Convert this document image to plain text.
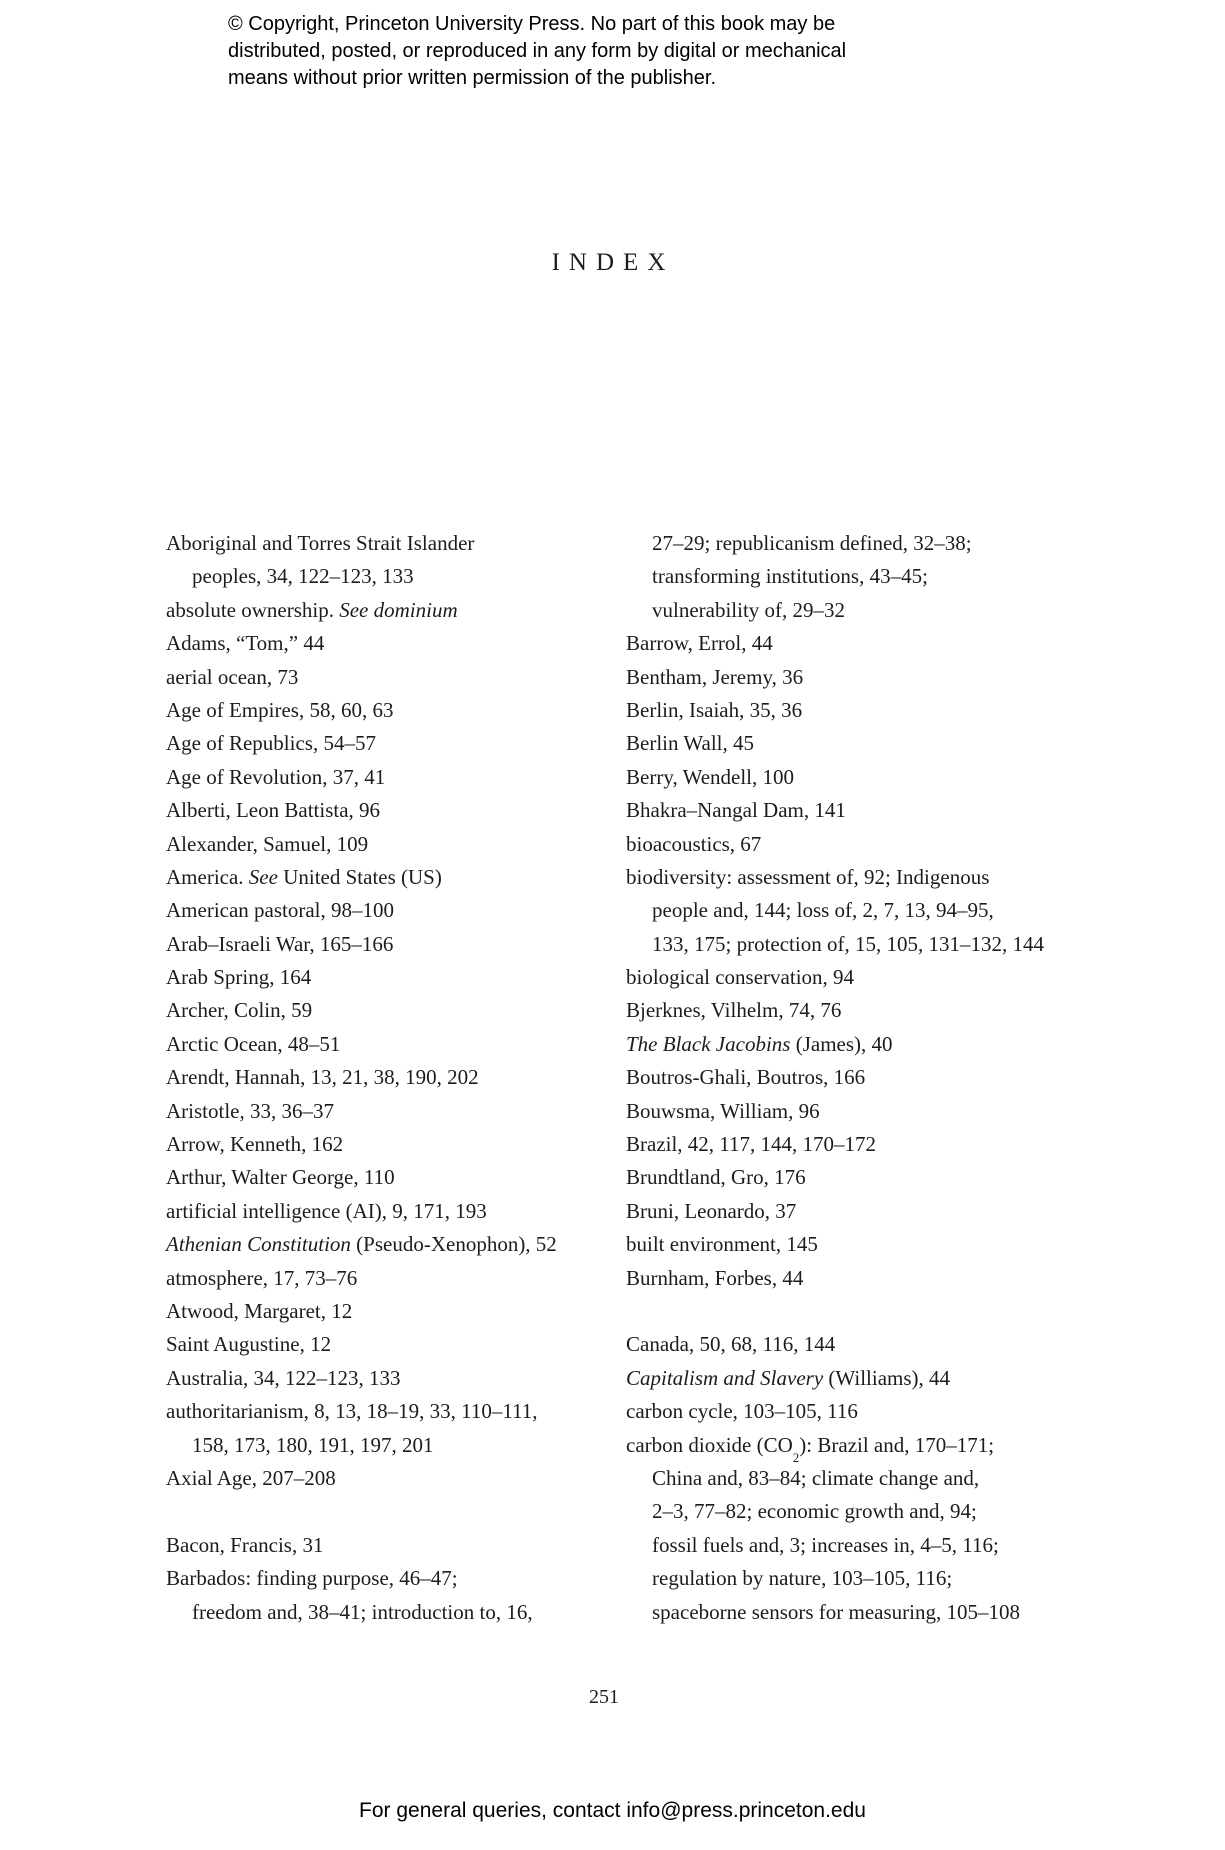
© Copyright, Princeton University Press. No part of this book may be
distributed, posted, or reproduced in any form by digital or mechanical
means without prior written permission of the publisher.
INDEX
Aboriginal and Torres Strait Islander
peoples, 34, 122–123, 133
absolute ownership. See dominium
Adams, “Tom,” 44
aerial ocean, 73
Age of Empires, 58, 60, 63
Age of Republics, 54–57
Age of Revolution, 37, 41
Alberti, Leon Battista, 96
Alexander, Samuel, 109
America. See United States (US)
American pastoral, 98–100
Arab–Israeli War, 165–166
Arab Spring, 164
Archer, Colin, 59
Arctic Ocean, 48–51
Arendt, Hannah, 13, 21, 38, 190, 202
Aristotle, 33, 36–37
Arrow, Kenneth, 162
Arthur, Walter George, 110
artificial intelligence (AI), 9, 171, 193
Athenian Constitution (Pseudo-Xenophon), 52
atmosphere, 17, 73–76
Atwood, Margaret, 12
Saint Augustine, 12
Australia, 34, 122–123, 133
authoritarianism, 8, 13, 18–19, 33, 110–111,
158, 173, 180, 191, 197, 201
Axial Age, 207–208
Bacon, Francis, 31
Barbados: finding purpose, 46–47;
freedom and, 38–41; introduction to, 16,
27–29; republicanism defined, 32–38;
transforming institutions, 43–45;
vulnerability of, 29–32
Barrow, Errol, 44
Bentham, Jeremy, 36
Berlin, Isaiah, 35, 36
Berlin Wall, 45
Berry, Wendell, 100
Bhakra–Nangal Dam, 141
bioacoustics, 67
biodiversity: assessment of, 92; Indigenous
people and, 144; loss of, 2, 7, 13, 94–95,
133, 175; protection of, 15, 105, 131–132, 144
biological conservation, 94
Bjerknes, Vilhelm, 74, 76
The Black Jacobins (James), 40
Boutros-Ghali, Boutros, 166
Bouwsma, William, 96
Brazil, 42, 117, 144, 170–172
Brundtland, Gro, 176
Bruni, Leonardo, 37
built environment, 145
Burnham, Forbes, 44
Canada, 50, 68, 116, 144
Capitalism and Slavery (Williams), 44
carbon cycle, 103–105, 116
carbon dioxide $(CO_2)$: Brazil and, 170–171;
China and, 83–84; climate change and,
2–3, 77–82; economic growth and, 94;
fossil fuels and, 3; increases in, 4–5, 116;
regulation by nature, 103–105, 116;
spaceborne sensors for measuring, 105–108
251
For general queries, contact info@press.princeton.edu
